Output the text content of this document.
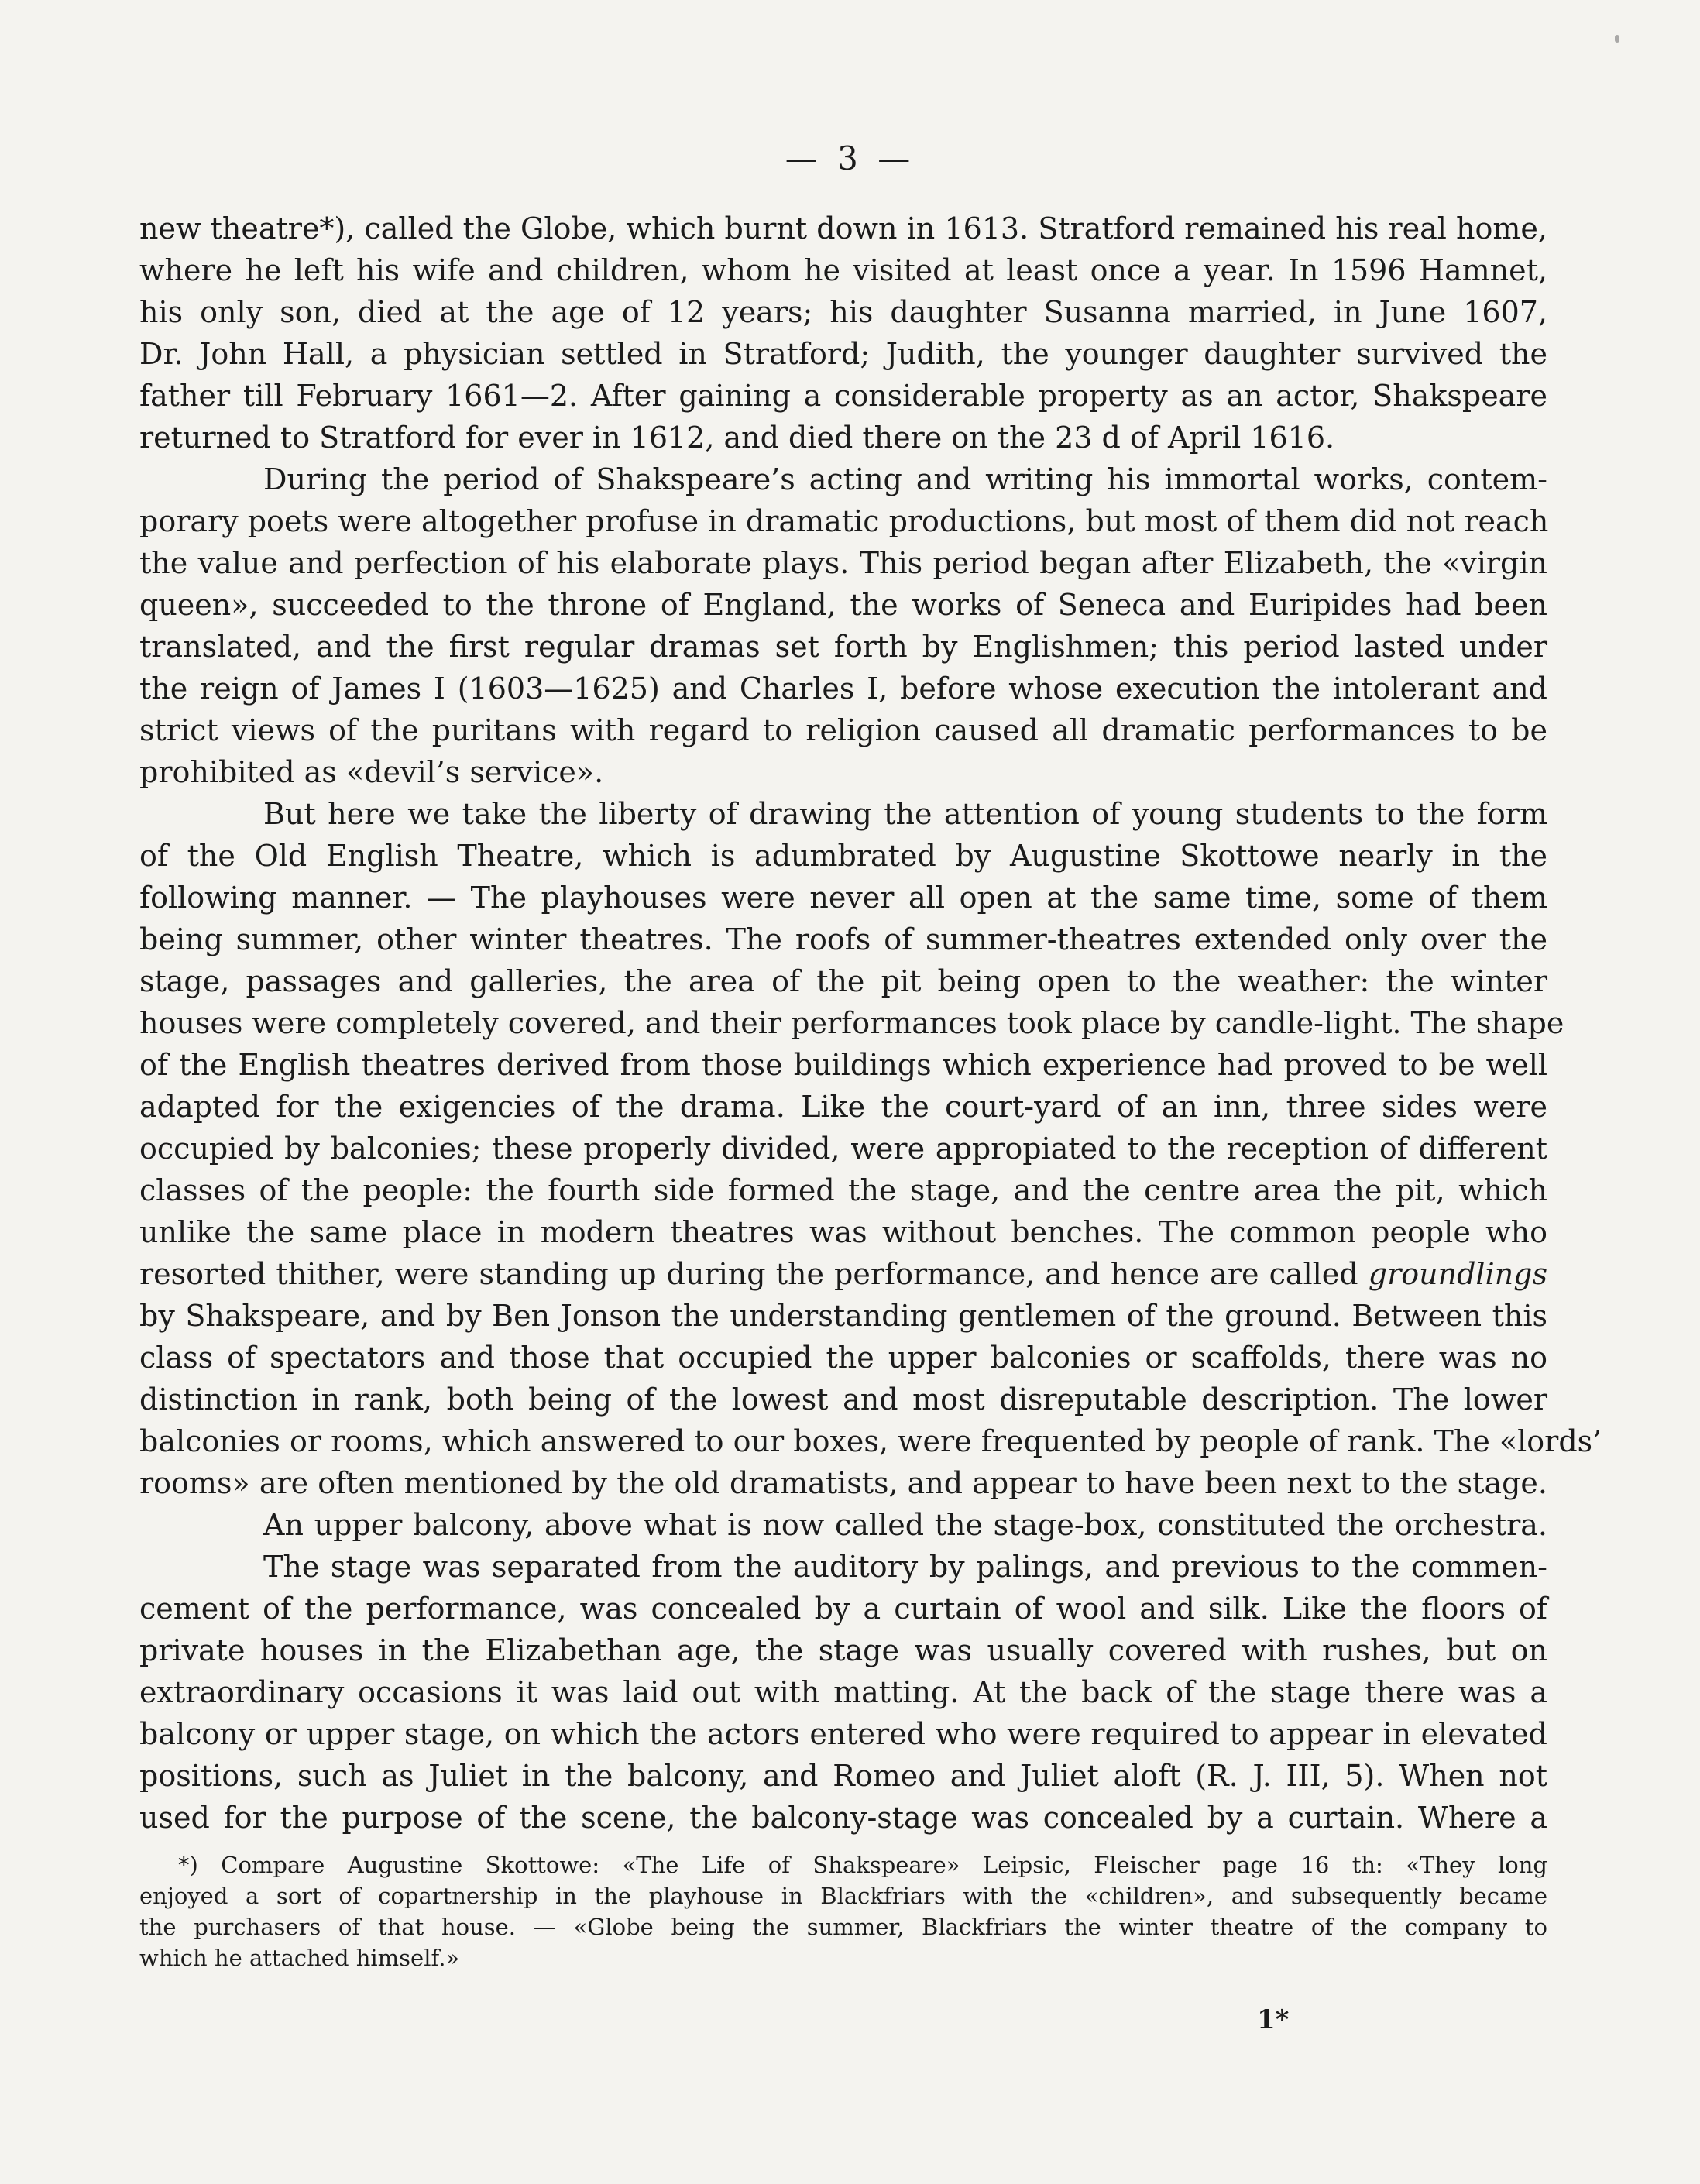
— 3 —
new theatre*), called the Globe, which burnt down in 1613. Stratford remained his real home,
where he left his wife and children, whom he visited at least once a year. In 1596 Hamnet,
his only son, died at the age of 12 years; his daughter Susanna married, in June 1607,
Dr. John Hall, a physician settled in Stratford; Judith, the younger daughter survived the
father till February 1661—2. After gaining a considerable property as an actor, Shakspeare
returned to Stratford for ever in 1612, and died there on the 23 d of April 1616.
During the period of Shakspeare’s acting and writing his immortal works, contem-
porary poets were altogether profuse in dramatic productions, but most of them did not reach
the value and perfection of his elaborate plays. This period began after Elizabeth, the «virgin
queen», succeeded to the throne of England, the works of Seneca and Euripides had been
translated, and the first regular dramas set forth by Englishmen; this period lasted under
the reign of James I (1603—1625) and Charles I, before whose execution the intolerant and
strict views of the puritans with regard to religion caused all dramatic performances to be
prohibited as «devil’s service».
But here we take the liberty of drawing the attention of young students to the form
of the Old English Theatre, which is adumbrated by Augustine Skottowe nearly in the
following manner. — The playhouses were never all open at the same time, some of them
being summer, other winter theatres. The roofs of summer-theatres extended only over the
stage, passages and galleries, the area of the pit being open to the weather: the winter
houses were completely covered, and their performances took place by candle-light. The shape
of the English theatres derived from those buildings which experience had proved to be well
adapted for the exigencies of the drama. Like the court-yard of an inn, three sides were
occupied by balconies; these properly divided, were appropiated to the reception of different
classes of the people: the fourth side formed the stage, and the centre area the pit, which
unlike the same place in modern theatres was without benches. The common people who
resorted thither, were standing up during the performance, and hence are called groundlings
by Shakspeare, and by Ben Jonson the understanding gentlemen of the ground. Between this
class of spectators and those that occupied the upper balconies or scaffolds, there was no
distinction in rank, both being of the lowest and most disreputable description. The lower
balconies or rooms, which answered to our boxes, were frequented by people of rank. The «lords’
rooms» are often mentioned by the old dramatists, and appear to have been next to the stage.
An upper balcony, above what is now called the stage-box, constituted the orchestra.
The stage was separated from the auditory by palings, and previous to the commen-
cement of the performance, was concealed by a curtain of wool and silk. Like the floors of
private houses in the Elizabethan age, the stage was usually covered with rushes, but on
extraordinary occasions it was laid out with matting. At the back of the stage there was a
balcony or upper stage, on which the actors entered who were required to appear in elevated
positions, such as Juliet in the balcony, and Romeo and Juliet aloft (R. J. III, 5). When not
used for the purpose of the scene, the balcony-stage was concealed by a curtain. Where a
*) Compare Augustine Skottowe: «The Life of Shakspeare» Leipsic, Fleischer page 16 th: «They long
enjoyed a sort of copartnership in the playhouse in Blackfriars with the «children», and subsequently became
the purchasers of that house. — «Globe being the summer, Blackfriars the winter theatre of the company to
which he attached himself.»
1*
